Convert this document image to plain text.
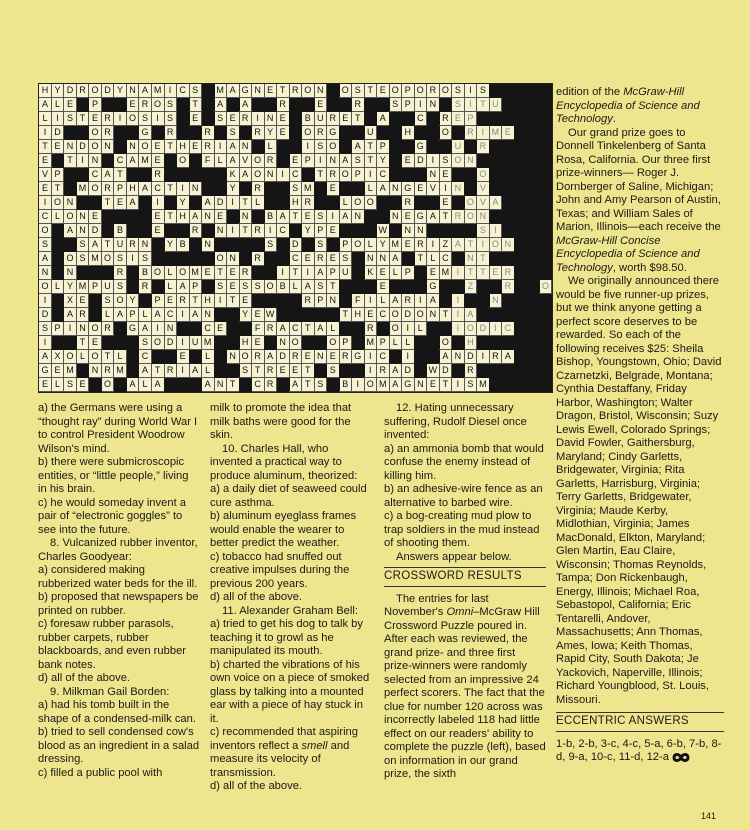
H Y D R O D Y N A M I C S	M A G N E T R O N	O S T E O P O R O S I S
A L E	P	E R O S	T	A	A	R	E	R	S P I N	S I T U
L I S T E R I O S I S	E	S E R I N E	B U R E T	A	C	R E P
I D	O R	G	R	R	S	R Y E	O R G	U	H	O	R I M E
T E N D O N	N O E T H E R I A N	L	I S O	A T P	G	U	R
E	T I N	C A M E	O	F L A V O R	E P I N A S T Y	E D I S O N
V P	C A T	R	K A O N I C	T R O P I C	N E	O
E T	M O R P H A C T I N	Y	R	S M	E	L A N G E V I N	V
I O N	T E A	I	Y	A D I T L	H R	L O O	R	E	O V A
C L O N E	E T H A N E	N	B A T E S I A N	N E G A T R O N
O	A N D	B	E	R	N I T R I C	Y P E	W	N N	S I
S	S A T U R N	Y B	N	S	D	S	P O L Y M E R I Z A T I O N
A	O S M O S I S	O N	R	C E R E S	N N A	T L C	N T
N	N	R	B O L O M E T E R	I T I A P U	K E L P	E M I T T E R
O L Y M P U S	R	L A P	S E S S O B L A S T	E	G	Z	R	O
I	X E	S O Y	P E R T H I T E	R P N	F I L A R I A	I	N
D	A R	L A P L A C I A N	Y E W	T H E C O D O N T I A
S P I N O R	G A I N	C E	F R A C T A L	R	O I L	I O D I C
I	T E	S O D I U M	H E	N O	O P	M P L L	O	H
A X O L O T L	C	E	L	N O R A D R E N E R G I C	I	A N D I R A
G E M	N R M	A T R I A L	S T R E E T	S	I R A D	W D	R
E L S E	O	A L A	A N T	C R	A T S	B I O M A G N E T I S M

a) the Germans were using a “thought ray” during World War I to control President Woodrow Wilson's mind.

b) there were submicroscopic entities, or “little people,” living in his brain.

c) he would someday invent a pair of “electronic goggles” to see into the future.

8. Vulcanized rubber inventor, Charles Goodyear:

a) considered making rubberized water beds for the ill.

b) proposed that newspapers be printed on rubber.

c) foresaw rubber parasols, rubber carpets, rubber blackboards, and even rubber bank notes.

d) all of the above.

9. Milkman Gail Borden:

a) had his tomb built in the shape of a condensed-milk can.

b) tried to sell condensed cow's blood as an ingredient in a salad dressing.

c) filled a public pool with

milk to promote the idea that milk baths were good for the skin.

10. Charles Hall, who invented a practical way to produce aluminum, theorized:

a) a daily diet of seaweed could cure asthma.

b) aluminum eyeglass frames would enable the wearer to better predict the weather.

c) tobacco had snuffed out creative impulses during the previous 200 years.

d) all of the above.

11. Alexander Graham Bell:

a) tried to get his dog to talk by teaching it to growl as he manipulated its mouth.

b) charted the vibrations of his own voice on a piece of smoked glass by talking into a mounted ear with a piece of hay stuck in it.

c) recommended that aspiring inventors reflect a smell and measure its velocity of transmission.

d) all of the above.

12. Hating unnecessary suffering, Rudolf Diesel once invented:

a) an ammonia bomb that would confuse the enemy instead of killing him.

b) an adhesive-wire fence as an alternative to barbed wire.

c) a bog-creating mud plow to trap soldiers in the mud instead of shooting them.

Answers appear below.

CROSSWORD RESULTS

The entries for last November's Omni–McGraw Hill Crossword Puzzle poured in. After each was reviewed, the grand prize- and three first prize-winners were randomly selected from an impressive 24 perfect scorers. The fact that the clue for number 120 across was incorrectly labeled 118 had little effect on our readers' ability to complete the puzzle (left), based on information in our grand prize, the sixth

edition of the McGraw-Hill Encyclopedia of Science and Technology.

Our grand prize goes to Donnell Tinkelenberg of Santa Rosa, California. Our three first prize-winners— Roger J. Dornberger of Saline, Michigan; John and Amy Pearson of Austin, Texas; and William Sales of Marion, Illinois—each receive the McGraw-Hill Concise Encyclopedia of Science and Technology, worth $98.50.

We originally announced there would be five runner-up prizes, but we think anyone getting a perfect score deserves to be rewarded. So each of the following receives $25: Sheila Bishop, Youngstown, Ohio; David Czarnetzki, Belgrade, Montana; Cynthia Destaffany, Friday Harbor, Washington; Walter Dragon, Bristol, Wisconsin; Suzy Lewis Ewell, Colorado Springs; David Fowler, Gaithersburg, Maryland; Cindy Garletts, Bridgewater, Virginia; Rita Garletts, Harrisburg, Virginia; Terry Garletts, Bridgewater, Virginia; Maude Kerby, Midlothian, Virginia; James MacDonald, Elkton, Maryland; Glen Martin, Eau Claire, Wisconsin; Thomas Reynolds, Tampa; Don Rickenbaugh, Energy, Illinois; Michael Roa, Sebastopol, California; Eric Tentarelli, Andover, Massachusetts; Ann Thomas, Ames, Iowa; Keith Thomas, Rapid City, South Dakota; Je Yackovich, Naperville, Illinois; Richard Youngblood, St. Louis, Missouri.

ECCENTRIC ANSWERS

1-b, 2-b, 3-c, 4-c, 5-a, 6-b, 7-b, 8-d, 9-a, 10-c, 11-d, 12-a

141
